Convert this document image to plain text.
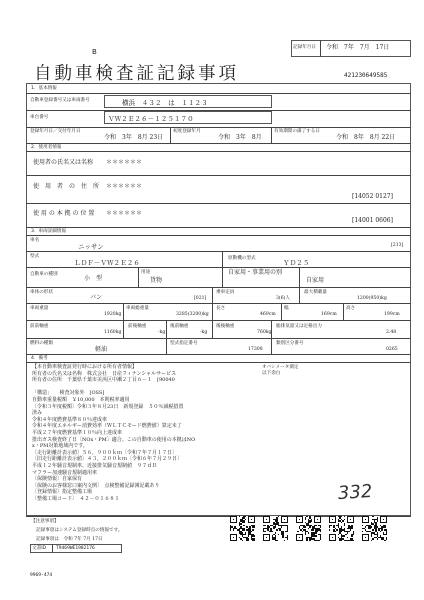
B
自動車検査証記録事項
記録年月日 令和　7年　7月　17日
421230649585
1．基本情報
自動車登録番号又は車両番号	横浜　４３２　は　１１２３
車台番号	ＶＷ２Ｅ２６－１２５１７０
登録年月日／交付年月日
令和　3年　8月 23日
初度登録年月
令和　3年　8月
有効期間の満了する日
令和　8年　8月 22日
2．使用者情報
使用者の氏名又は名称 ＊＊＊＊＊＊
使　用　者　の　住　所 ＊＊＊＊＊＊
[14052 0127]
使 用 の 本 拠 の 位 置 ＊＊＊＊＊＊
[14001 0606]
3．車両詳細情報
車名
ニッサン	[213]
型式
ＬＤＦ－ＶＷ２Ｅ２６
原動機の型式
ＹＤ２５
自動車の種別
小　型
用途
貨物
自家用・事業用の別
自家用
車体の形状
バン	[021]
乗車定員
3(6)人
最大積載量
1200(950)kg
車両重量
1920kg
車両総重量
3285(3200)kg
長さ
469cm
幅
169cm
高さ
199cm
前前軸重
1160kg
前後軸重
-kg
後前軸重
-kg
後後軸重
760kg
総排気量又は定格出力
2.48
燃料の種類
軽油
型式指定番号
17308
類別区分番号
0265
4．備考
オバシメータ測定
以下余白
【本自動車検査証発行時における所有者情報】
所有者の氏名又は名称　株式会社　日産フィナンシャルサービス
所有者の住所　千葉県千葉市美浜区中瀬２丁目６－１　[90040
「構造」　　検査対象外　[OSS]
自動車重量税額　￥10,000　本則税率適用
〔令和３年度税額〕令和３年８月23日　新規登録　５０％減税措置
済み
令和４年度燃費基準８０％達成車
令和４年度エネルギー消費効率（ＷＬＴＣモード燃費値）算定未了
平成２７年度燃費基準１０％向上達成車
排出ガス検査終了日〔NOx・PM〕適合。この自動車の使用の本拠はNO
x・PM対策地域内です。
〔走行距離計表示値〕５６，９００ｋｍ〔令和７年７月１７日〕
〔旧走行距離計表示値〕４３，２００ｋｍ〔令和６年７月２９日〕
平成１２年騒音規制車、近接排気騒音規制値　９７ｄＢ
マフラー加速騒音規制適用車
〔保険情報〕自家保有
〔保険のお客様窓口案内文例〕　点検整備記録簿記載あり
〔登録情報〕指定整備工場
〔整備工場コード〕　４２－０１６８１	332
【注意事項】
記録事項はシステム登録時点の情報です。
記録事項は　令和 7年 7月 17日
文書ID T9469WE1982176
9969-474
